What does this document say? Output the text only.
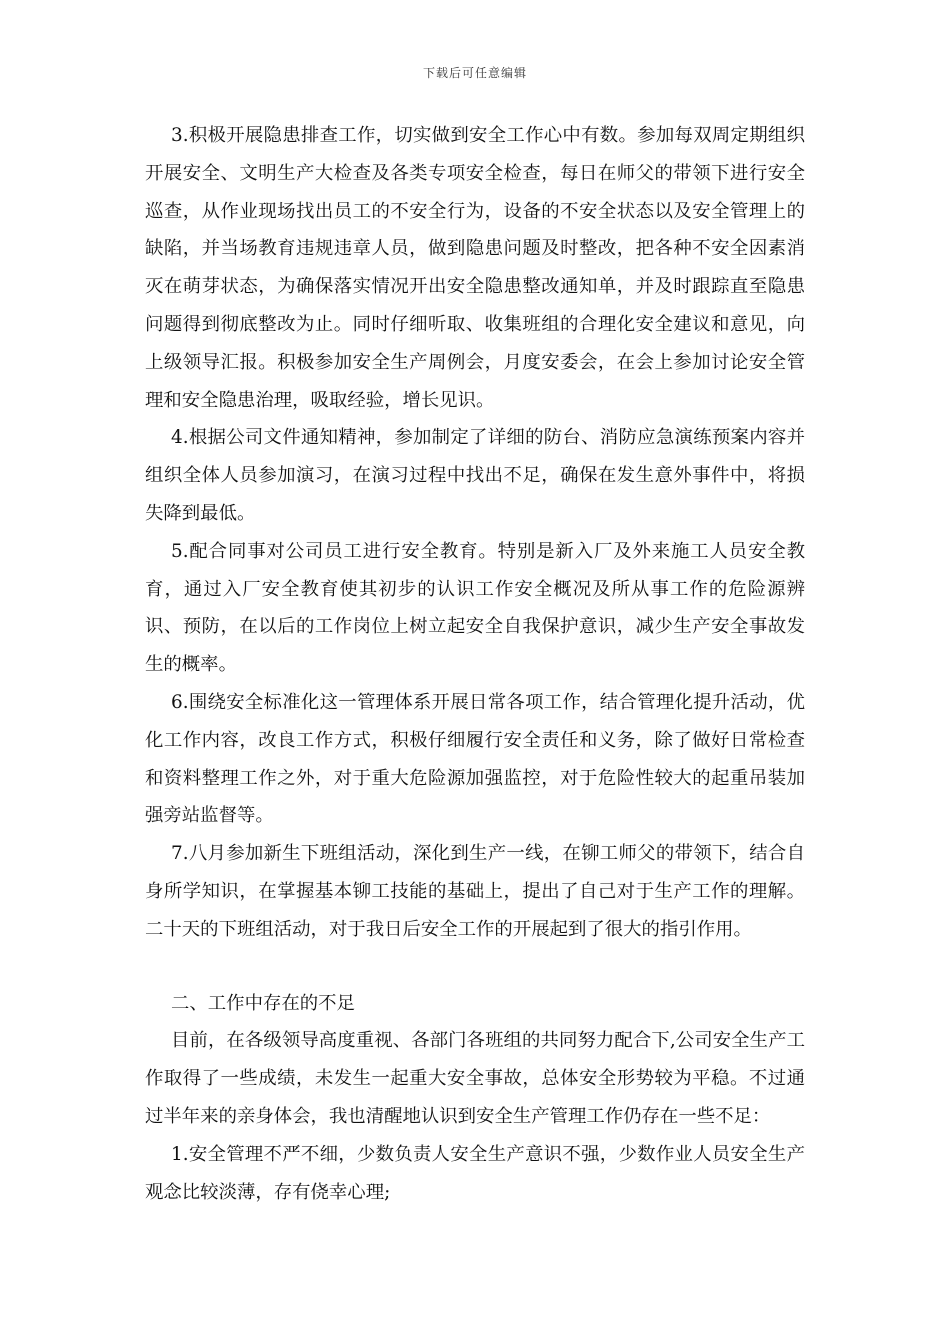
下载后可任意编辑

3.积极开展隐患排查工作，切实做到安全工作心中有数。参加每双周定期组织开展安全、文明生产大检查及各类专项安全检查，每日在师父的带领下进行安全巡查，从作业现场找出员工的不安全行为，设备的不安全状态以及安全管理上的缺陷，并当场教育违规违章人员，做到隐患问题及时整改，把各种不安全因素消灭在萌芽状态，为确保落实情况开出安全隐患整改通知单，并及时跟踪直至隐患问题得到彻底整改为止。同时仔细听取、收集班组的合理化安全建议和意见，向上级领导汇报。积极参加安全生产周例会，月度安委会，在会上参加讨论安全管理和安全隐患治理，吸取经验，增长见识。

4.根据公司文件通知精神，参加制定了详细的防台、消防应急演练预案内容并组织全体人员参加演习，在演习过程中找出不足，确保在发生意外事件中，将损失降到最低。

5.配合同事对公司员工进行安全教育。特别是新入厂及外来施工人员安全教育，通过入厂安全教育使其初步的认识工作安全概况及所从事工作的危险源辨识、预防，在以后的工作岗位上树立起安全自我保护意识，减少生产安全事故发生的概率。

6.围绕安全标准化这一管理体系开展日常各项工作，结合管理化提升活动，优化工作内容，改良工作方式，积极仔细履行安全责任和义务，除了做好日常检查和资料整理工作之外，对于重大危险源加强监控，对于危险性较大的起重吊装加强旁站监督等。

7.八月参加新生下班组活动，深化到生产一线，在铆工师父的带领下，结合自身所学知识，在掌握基本铆工技能的基础上，提出了自己对于生产工作的理解。二十天的下班组活动，对于我日后安全工作的开展起到了很大的指引作用。

二、工作中存在的不足

目前，在各级领导高度重视、各部门各班组的共同努力配合下,公司安全生产工作取得了一些成绩，未发生一起重大安全事故，总体安全形势较为平稳。不过通过半年来的亲身体会，我也清醒地认识到安全生产管理工作仍存在一些不足：

1.安全管理不严不细，少数负责人安全生产意识不强，少数作业人员安全生产观念比较淡薄，存有侥幸心理;
